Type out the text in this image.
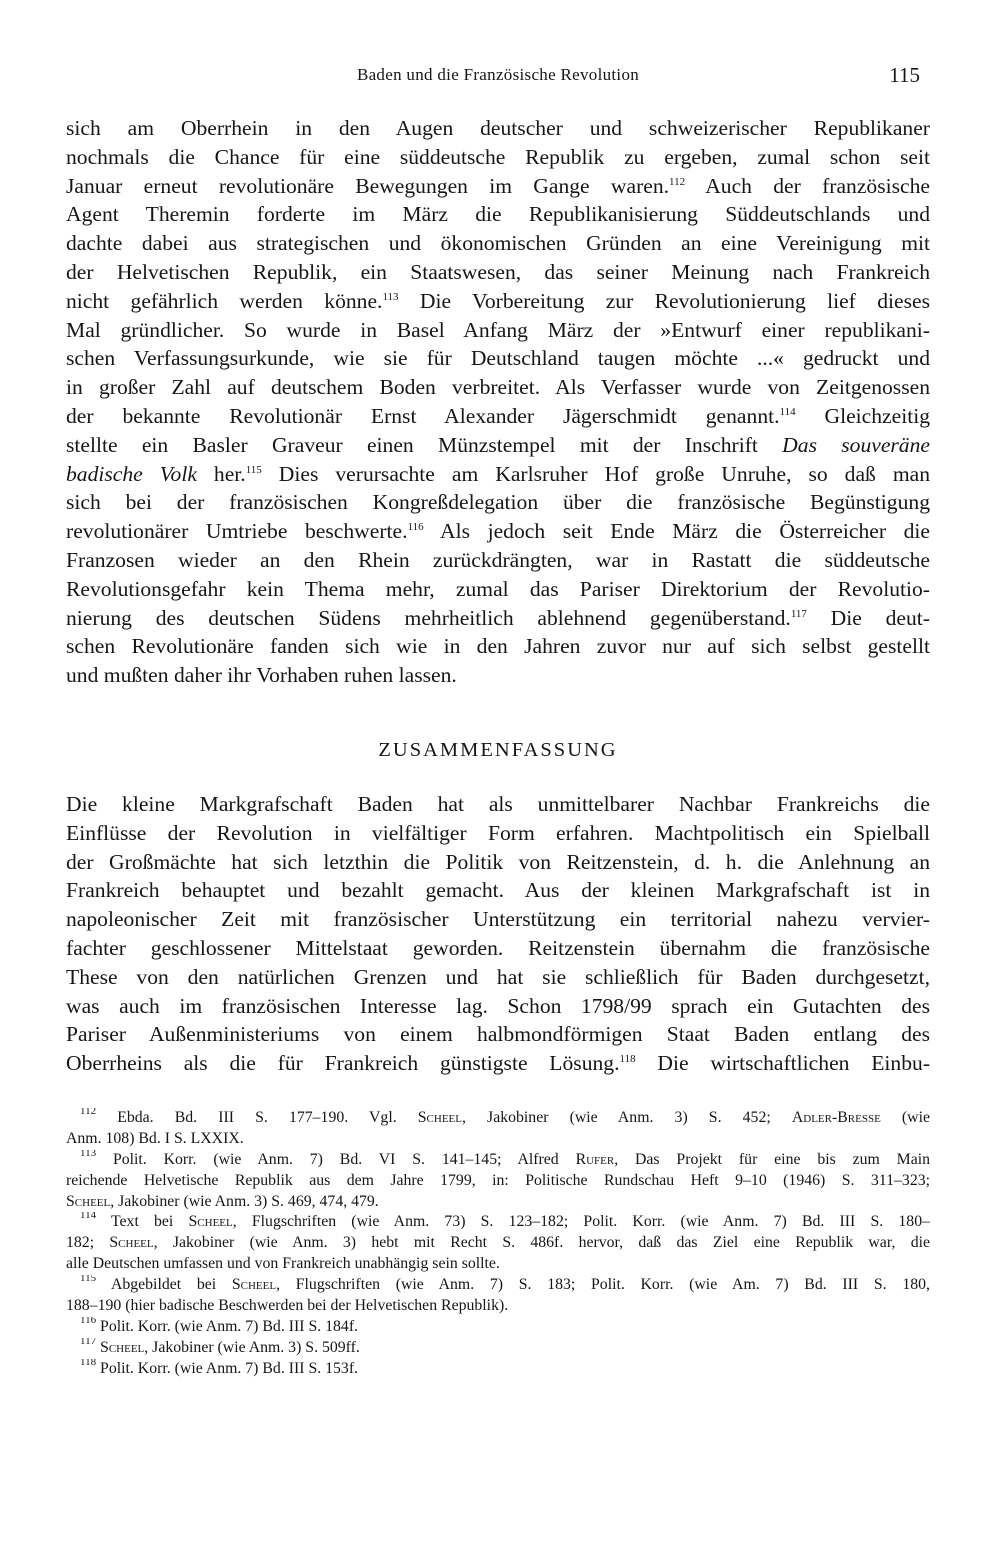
Baden und die Französische Revolution	115
sich am Oberrhein in den Augen deutscher und schweizerischer Republikaner
nochmals die Chance für eine süddeutsche Republik zu ergeben, zumal schon seit
Januar erneut revolutionäre Bewegungen im Gange waren.$^{112}$ Auch der französische
Agent Theremin forderte im März die Republikanisierung Süddeutschlands und
dachte dabei aus strategischen und ökonomischen Gründen an eine Vereinigung mit
der Helvetischen Republik, ein Staatswesen, das seiner Meinung nach Frankreich
nicht gefährlich werden könne.$^{113}$ Die Vorbereitung zur Revolutionierung lief dieses
Mal gründlicher. So wurde in Basel Anfang März der »Entwurf einer republikani-
schen Verfassungsurkunde, wie sie für Deutschland taugen möchte ...« gedruckt und
in großer Zahl auf deutschem Boden verbreitet. Als Verfasser wurde von Zeitgenossen
der bekannte Revolutionär Ernst Alexander Jägerschmidt genannt.$^{114}$ Gleichzeitig
stellte ein Basler Graveur einen Münzstempel mit der Inschrift Das souveräne
badische Volk her.$^{115}$ Dies verursachte am Karlsruher Hof große Unruhe, so daß man
sich bei der französischen Kongreßdelegation über die französische Begünstigung
revolutionärer Umtriebe beschwerte.$^{116}$ Als jedoch seit Ende März die Österreicher die
Franzosen wieder an den Rhein zurückdrängten, war in Rastatt die süddeutsche
Revolutionsgefahr kein Thema mehr, zumal das Pariser Direktorium der Revolutio-
nierung des deutschen Südens mehrheitlich ablehnend gegenüberstand.$^{117}$ Die deut-
schen Revolutionäre fanden sich wie in den Jahren zuvor nur auf sich selbst gestellt
und mußten daher ihr Vorhaben ruhen lassen.
ZUSAMMENFASSUNG
Die kleine Markgrafschaft Baden hat als unmittelbarer Nachbar Frankreichs die
Einflüsse der Revolution in vielfältiger Form erfahren. Machtpolitisch ein Spielball
der Großmächte hat sich letzthin die Politik von Reitzenstein, d. h. die Anlehnung an
Frankreich behauptet und bezahlt gemacht. Aus der kleinen Markgrafschaft ist in
napoleonischer Zeit mit französischer Unterstützung ein territorial nahezu vervier-
fachter geschlossener Mittelstaat geworden. Reitzenstein übernahm die französische
These von den natürlichen Grenzen und hat sie schließlich für Baden durchgesetzt,
was auch im französischen Interesse lag. Schon 1798/99 sprach ein Gutachten des
Pariser Außenministeriums von einem halbmondförmigen Staat Baden entlang des
Oberrheins als die für Frankreich günstigste Lösung.$^{118}$ Die wirtschaftlichen Einbu-
$^{112}$ Ebda. Bd. III S. 177–190. Vgl. Scheel, Jakobiner (wie Anm. 3) S. 452; Adler-Bresse (wie
Anm. 108) Bd. I S. LXXIX.
$^{113}$ Polit. Korr. (wie Anm. 7) Bd. VI S. 141–145; Alfred Rufer, Das Projekt für eine bis zum Main
reichende Helvetische Republik aus dem Jahre 1799, in: Politische Rundschau Heft 9–10 (1946) S. 311–323;
Scheel, Jakobiner (wie Anm. 3) S. 469, 474, 479.
$^{114}$ Text bei Scheel, Flugschriften (wie Anm. 73) S. 123–182; Polit. Korr. (wie Anm. 7) Bd. III S. 180–
182; Scheel, Jakobiner (wie Anm. 3) hebt mit Recht S. 486f. hervor, daß das Ziel eine Republik war, die
alle Deutschen umfassen und von Frankreich unabhängig sein sollte.
$^{115}$ Abgebildet bei Scheel, Flugschriften (wie Anm. 7) S. 183; Polit. Korr. (wie Am. 7) Bd. III S. 180,
188–190 (hier badische Beschwerden bei der Helvetischen Republik).
$^{116}$ Polit. Korr. (wie Anm. 7) Bd. III S. 184f.
$^{117}$ Scheel, Jakobiner (wie Anm. 3) S. 509ff.
$^{118}$ Polit. Korr. (wie Anm. 7) Bd. III S. 153f.
